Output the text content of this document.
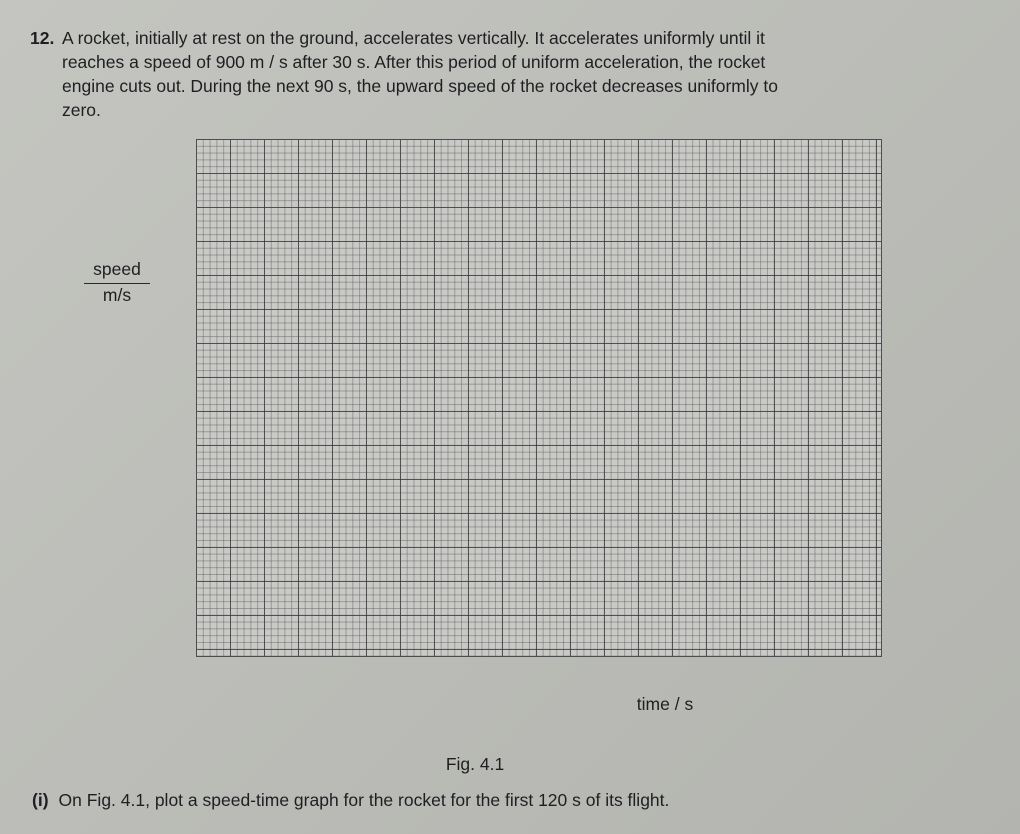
12. A rocket, initially at rest on the ground, accelerates vertically. It accelerates uniformly until it
reaches a speed of 900 m / s after 30 s. After this period of uniform acceleration, the rocket
engine cuts out. During the next 90 s, the upward speed of the rocket decreases uniformly to
zero.
speed
m/s
time / s
Fig. 4.1
(i) On Fig. 4.1, plot a speed-time graph for the rocket for the first 120 s of its flight.
